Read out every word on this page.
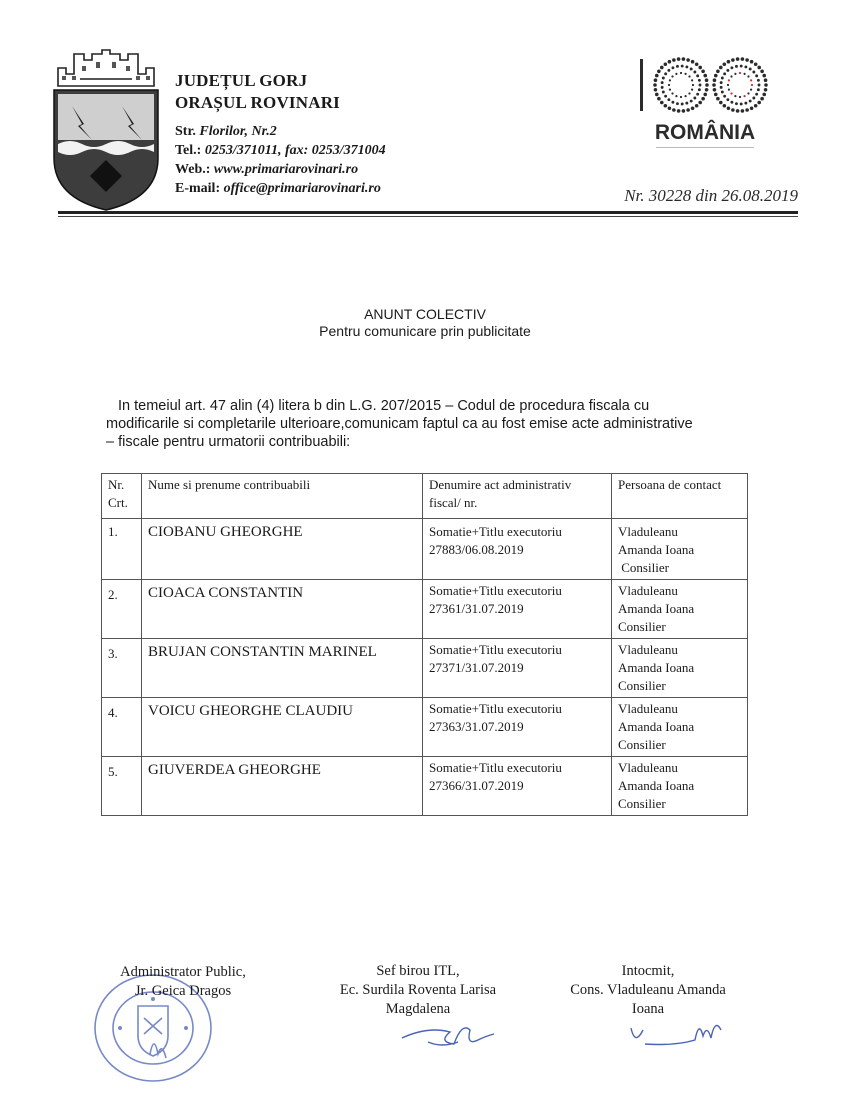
JUDEȚUL GORJ
ORAȘUL ROVINARI
Str. Florilor, Nr.2
Tel.: 0253/371011, fax: 0253/371004
Web.: www.primariarovinari.ro
E-mail: office@primariarovinari.ro
ROMÂNIA
Nr. 30228 din 26.08.2019
ANUNT COLECTIV
Pentru comunicare prin publicitate

In temeiul art. 47 alin (4) litera b din L.G. 207/2015 – Codul de procedura fiscala cu

modificarile si completarile ulterioare,comunicam faptul ca au fost emise acte administrative

– fiscale pentru urmatorii contribuabili:

Nr.
Crt.	Nume si prenume contribuabili	Denumire act administrativ
fiscal/ nr.	Persoana de contact
1.	CIOBANU GHEORGHE	Somatie+Titlu executoriu
27883/06.08.2019	Vladuleanu
Amanda Ioana
Consilier
2.	CIOACA CONSTANTIN	Somatie+Titlu executoriu
27361/31.07.2019	Vladuleanu
Amanda Ioana
Consilier
3.	BRUJAN CONSTANTIN MARINEL	Somatie+Titlu executoriu
27371/31.07.2019	Vladuleanu
Amanda Ioana
Consilier
4.	VOICU GHEORGHE CLAUDIU	Somatie+Titlu executoriu
27363/31.07.2019	Vladuleanu
Amanda Ioana
Consilier
5.	GIUVERDEA GHEORGHE	Somatie+Titlu executoriu
27366/31.07.2019	Vladuleanu
Amanda Ioana
Consilier
Administrator Public,
Jr. Geica Dragos
Sef birou ITL,
Ec. Surdila Roventa Larisa
Magdalena
Intocmit,
Cons. Vladuleanu Amanda
Ioana
